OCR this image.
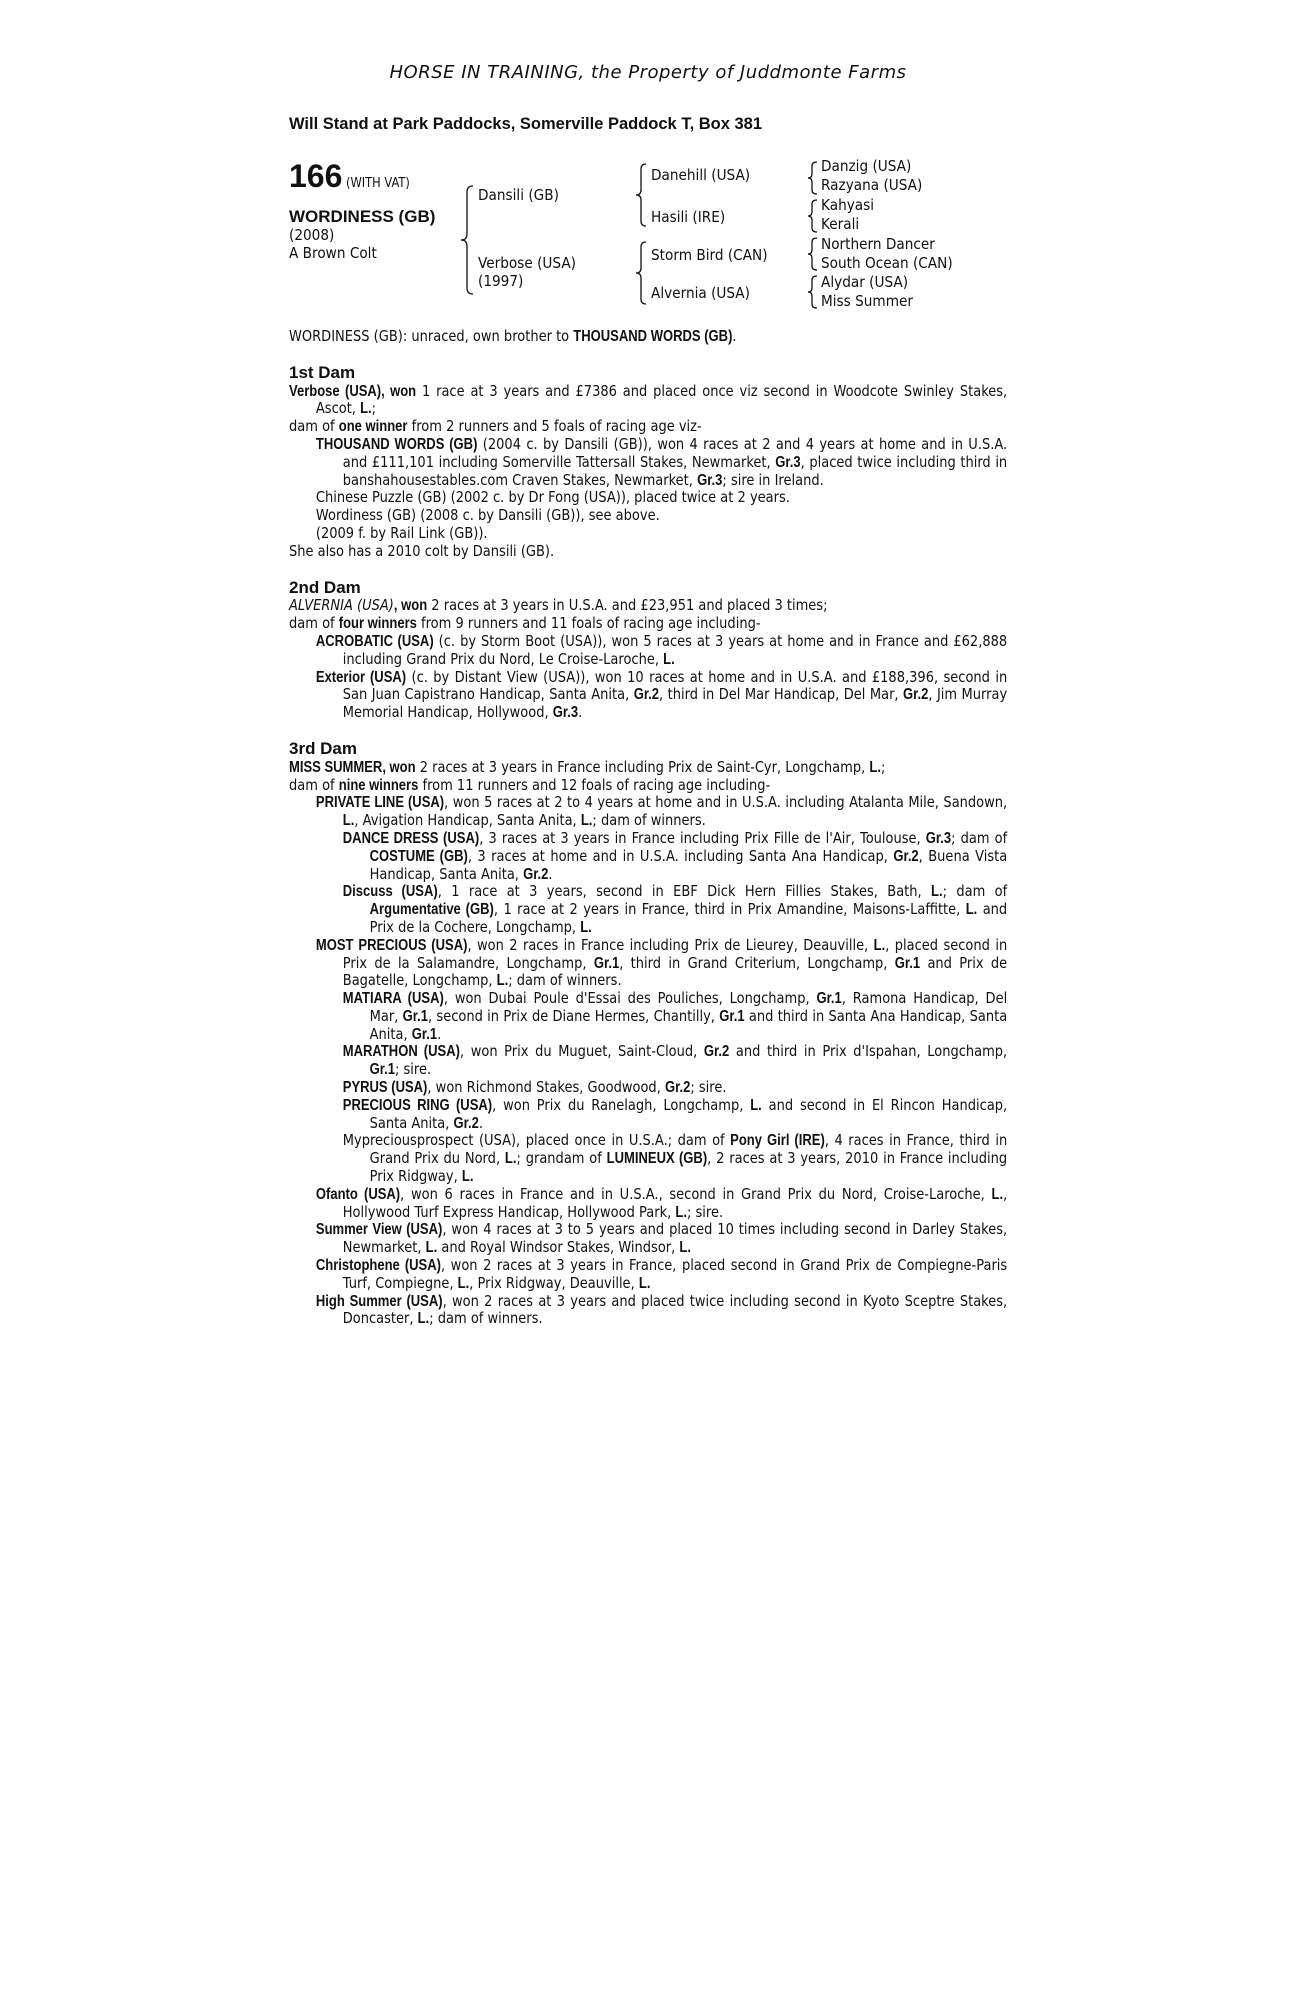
HORSE IN TRAINING, the Property of Juddmonte Farms
Will Stand at Park Paddocks, Somerville Paddock T, Box 381
166 (WITH VAT)
WORDINESS (GB)
(2008)
A Brown Colt
Dansili (GB)
Verbose (USA)
(1997)
Danehill (USA)
Hasili (IRE)
Storm Bird (CAN)
Alvernia (USA)
Danzig (USA)
Razyana (USA)
Kahyasi
Kerali
Northern Dancer
South Ocean (CAN)
Alydar (USA)
Miss Summer

WORDINESS (GB): unraced, own brother to THOUSAND WORDS (GB).

1st Dam

Verbose (USA), won 1 race at 3 years and £7386 and placed once viz second in Woodcote Swinley Stakes, Ascot, L.;

dam of one winner from 2 runners and 5 foals of racing age viz-

THOUSAND WORDS (GB) (2004 c. by Dansili (GB)), won 4 races at 2 and 4 years at home and in U.S.A. and £111,101 including Somerville Tattersall Stakes, Newmarket, Gr.3, placed twice including third in banshahousestables.com Craven Stakes, Newmarket, Gr.3; sire in Ireland.

Chinese Puzzle (GB) (2002 c. by Dr Fong (USA)), placed twice at 2 years.

Wordiness (GB) (2008 c. by Dansili (GB)), see above.

(2009 f. by Rail Link (GB)).

She also has a 2010 colt by Dansili (GB).

2nd Dam

ALVERNIA (USA), won 2 races at 3 years in U.S.A. and £23,951 and placed 3 times;

dam of four winners from 9 runners and 11 foals of racing age including-

ACROBATIC (USA) (c. by Storm Boot (USA)), won 5 races at 3 years at home and in France and £62,888 including Grand Prix du Nord, Le Croise-Laroche, L.

Exterior (USA) (c. by Distant View (USA)), won 10 races at home and in U.S.A. and £188,396, second in San Juan Capistrano Handicap, Santa Anita, Gr.2, third in Del Mar Handicap, Del Mar, Gr.2, Jim Murray Memorial Handicap, Hollywood, Gr.3.

3rd Dam

MISS SUMMER, won 2 races at 3 years in France including Prix de Saint-Cyr, Longchamp, L.;

dam of nine winners from 11 runners and 12 foals of racing age including-

PRIVATE LINE (USA), won 5 races at 2 to 4 years at home and in U.S.A. including Atalanta Mile, Sandown, L., Avigation Handicap, Santa Anita, L.; dam of winners.

DANCE DRESS (USA), 3 races at 3 years in France including Prix Fille de l'Air, Toulouse, Gr.3; dam of COSTUME (GB), 3 races at home and in U.S.A. including Santa Ana Handicap, Gr.2, Buena Vista Handicap, Santa Anita, Gr.2.

Discuss (USA), 1 race at 3 years, second in EBF Dick Hern Fillies Stakes, Bath, L.; dam of Argumentative (GB), 1 race at 2 years in France, third in Prix Amandine, Maisons-Laffitte, L. and Prix de la Cochere, Longchamp, L.

MOST PRECIOUS (USA), won 2 races in France including Prix de Lieurey, Deauville, L., placed second in Prix de la Salamandre, Longchamp, Gr.1, third in Grand Criterium, Longchamp, Gr.1 and Prix de Bagatelle, Longchamp, L.; dam of winners.

MATIARA (USA), won Dubai Poule d'Essai des Pouliches, Longchamp, Gr.1, Ramona Handicap, Del Mar, Gr.1, second in Prix de Diane Hermes, Chantilly, Gr.1 and third in Santa Ana Handicap, Santa Anita, Gr.1.

MARATHON (USA), won Prix du Muguet, Saint-Cloud, Gr.2 and third in Prix d'Ispahan, Longchamp, Gr.1; sire.

PYRUS (USA), won Richmond Stakes, Goodwood, Gr.2; sire.

PRECIOUS RING (USA), won Prix du Ranelagh, Longchamp, L. and second in El Rincon Handicap, Santa Anita, Gr.2.

Mypreciousprospect (USA), placed once in U.S.A.; dam of Pony Girl (IRE), 4 races in France, third in Grand Prix du Nord, L.; grandam of LUMINEUX (GB), 2 races at 3 years, 2010 in France including Prix Ridgway, L.

Ofanto (USA), won 6 races in France and in U.S.A., second in Grand Prix du Nord, Croise-Laroche, L., Hollywood Turf Express Handicap, Hollywood Park, L.; sire.

Summer View (USA), won 4 races at 3 to 5 years and placed 10 times including second in Darley Stakes, Newmarket, L. and Royal Windsor Stakes, Windsor, L.

Christophene (USA), won 2 races at 3 years in France, placed second in Grand Prix de Compiegne-Paris Turf, Compiegne, L., Prix Ridgway, Deauville, L.

High Summer (USA), won 2 races at 3 years and placed twice including second in Kyoto Sceptre Stakes, Doncaster, L.; dam of winners.
